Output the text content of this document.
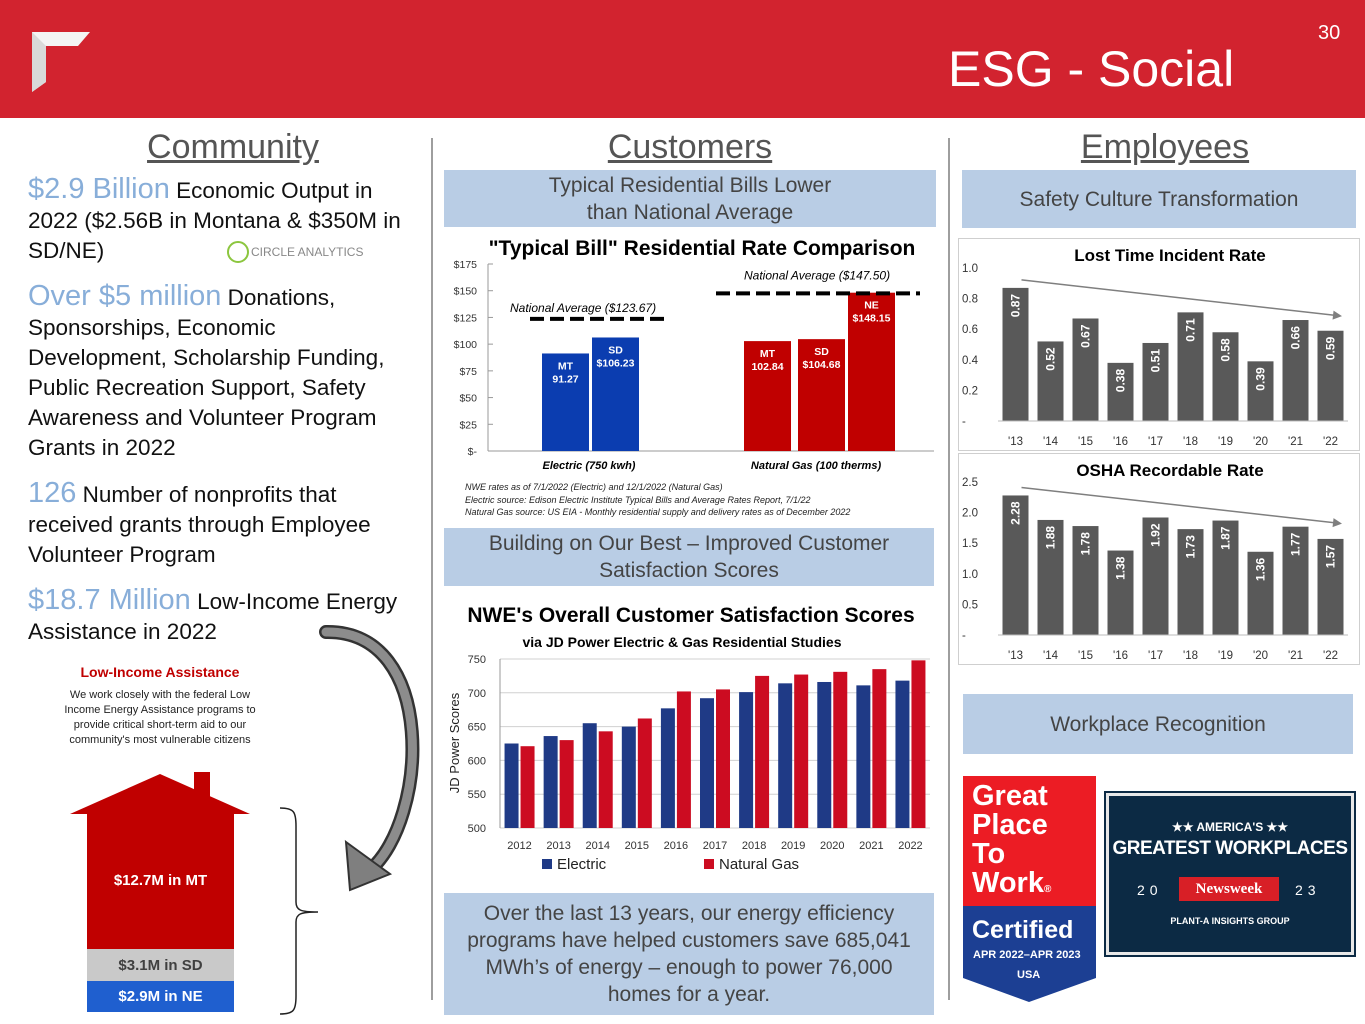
ESG - Social
30
Community	Customers	Employees
$2.9 Billion Economic Output in 2022 ($2.56B in Montana & $350M in SD/NE)	CIRCLE ANALYTICS
Over $5 million Donations, Sponsorships, Economic Development, Scholarship Funding, Public Recreation Support, Safety Awareness and Volunteer Program Grants in 2022
126 Number of nonprofits that received grants through Employee Volunteer Program
$18.7 Million Low-Income Energy Assistance in 2022
Low-Income Assistance
We work closely with the federal Low Income Energy Assistance programs to provide critical short-term aid to our community's most vulnerable citizens
$12.7M in MT
$3.1M in SD
$2.9M in NE
Typical Residential Bills Lower than National Average
"Typical Bill" Residential Rate Comparison
$-
$25
$50
$75
$100
$125
$150
$175
MT
91.27
SD
$106.23
MT
102.84
SD
$104.68
NE
$148.15
National Average ($123.67)
National Average ($147.50)
Electric (750 kwh)	Natural Gas (100 therms)
NWE rates as of 7/1/2022 (Electric) and 12/1/2022 (Natural Gas)
Electric source: Edison Electric Institute Typical Bills and Average Rates Report, 7/1/22
Natural Gas source: US EIA - Monthly residential supply and delivery rates as of December 2022
Building on Our Best – Improved Customer Satisfaction Scores
NWE's Overall Customer Satisfaction Scores
via JD Power Electric & Gas Residential Studies
500
550
600
650
700
750
JD Power Scores
2012 2013 2014 2015 2016 2017 2018 2019 2020 2021 2022
Electric	Natural Gas
Over the last 13 years, our energy efficiency programs have helped customers save 685,041 MWh’s of energy – enough to power 76,000 homes for a year.
Safety Culture Transformation
Lost Time Incident Rate
-
0.2
0.4
0.6
0.8
1.0
0.87
'13
0.52
'14
0.67
'15
0.38
'16
0.51
'17
0.71
'18
0.58
'19
0.39
'20
0.66
'21
0.59
'22
OSHA Recordable Rate
-
0.5
1.0
1.5
2.0
2.5
2.28
'13
1.88
'14
1.78
'15
1.38
'16
1.92
'17
1.73
'18
1.87
'19
1.36
'20
1.77
'21
1.57
'22
Workplace Recognition
Great
Place
To
Work®
Certified
APR 2022–APR 2023
USA
★★ AMERICA'S ★★
GREATEST WORKPLACES
20	Newsweek	23
PLANT-A INSIGHTS GROUP
